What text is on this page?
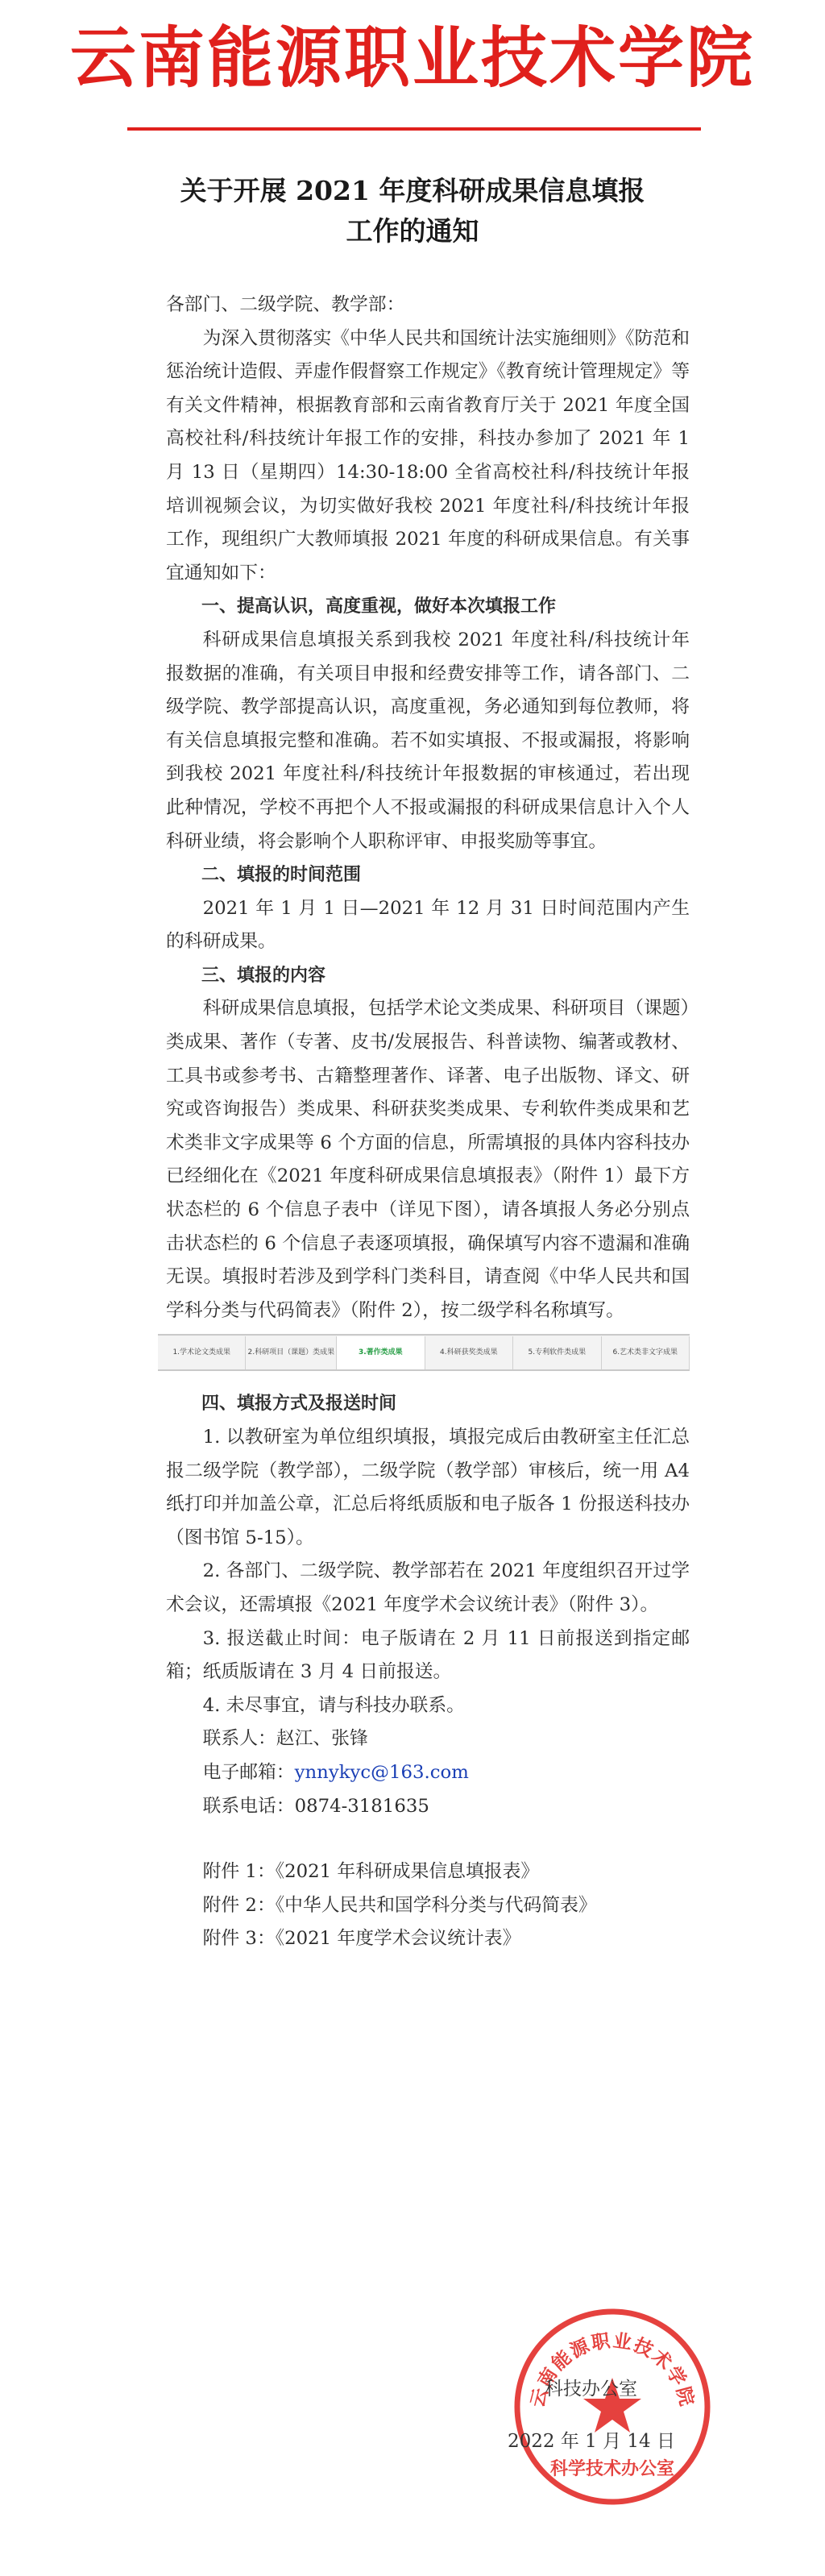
云南能源职业技术学院
关于开展 2021 年度科研成果信息填报
工作的通知

各部门、二级学院、教学部：

为深入贯彻落实《中华人民共和国统计法实施细则》《防范和惩治统计造假、弄虚作假督察工作规定》《教育统计管理规定》等有关文件精神，根据教育部和云南省教育厅关于 2021 年度全国高校社科/科技统计年报工作的安排，科技办参加了 2021 年 1 月 13 日（星期四）14:30-18:00 全省高校社科/科技统计年报培训视频会议，为切实做好我校 2021 年度社科/科技统计年报工作，现组织广大教师填报 2021 年度的科研成果信息。有关事宜通知如下：

一、提高认识，高度重视，做好本次填报工作

科研成果信息填报关系到我校 2021 年度社科/科技统计年报数据的准确，有关项目申报和经费安排等工作，请各部门、二级学院、教学部提高认识，高度重视，务必通知到每位教师，将有关信息填报完整和准确。若不如实填报、不报或漏报，将影响到我校 2021 年度社科/科技统计年报数据的审核通过，若出现此种情况，学校不再把个人不报或漏报的科研成果信息计入个人科研业绩，将会影响个人职称评审、申报奖励等事宜。

二、填报的时间范围

2021 年 1 月 1 日—2021 年 12 月 31 日时间范围内产生的科研成果。

三、填报的内容

科研成果信息填报，包括学术论文类成果、科研项目（课题）类成果、著作（专著、皮书/发展报告、科普读物、编著或教材、工具书或参考书、古籍整理著作、译著、电子出版物、译文、研究或咨询报告）类成果、科研获奖类成果、专利软件类成果和艺术类非文字成果等 6 个方面的信息，所需填报的具体内容科技办已经细化在《2021 年度科研成果信息填报表》（附件 1）最下方状态栏的 6 个信息子表中（详见下图），请各填报人务必分别点击状态栏的 6 个信息子表逐项填报，确保填写内容不遗漏和准确无误。填报时若涉及到学科门类科目，请查阅《中华人民共和国学科分类与代码简表》（附件 2），按二级学科名称填写。

1.学术论文类成果	2.科研项目（课题）类成果	3.著作类成果	4.科研获奖类成果	5.专利软件类成果	6.艺术类非文字成果

四、填报方式及报送时间

1. 以教研室为单位组织填报，填报完成后由教研室主任汇总报二级学院（教学部），二级学院（教学部）审核后，统一用 A4 纸打印并加盖公章，汇总后将纸质版和电子版各 1 份报送科技办（图书馆 5-15）。

2. 各部门、二级学院、教学部若在 2021 年度组织召开过学术会议，还需填报《2021 年度学术会议统计表》（附件 3）。

3. 报送截止时间：电子版请在 2 月 11 日前报送到指定邮箱；纸质版请在 3 月 4 日前报送。

4. 未尽事宜，请与科技办联系。

联系人：赵江、张锋

电子邮箱：ynnykyc@163.com

联系电话：0874-3181635

附件 1：《2021 年科研成果信息填报表》

附件 2：《中华人民共和国学科分类与代码简表》

附件 3：《2021 年度学术会议统计表》

云南能源职业技术学院
科学技术办公室
科技办公室
2022 年 1 月 14 日
